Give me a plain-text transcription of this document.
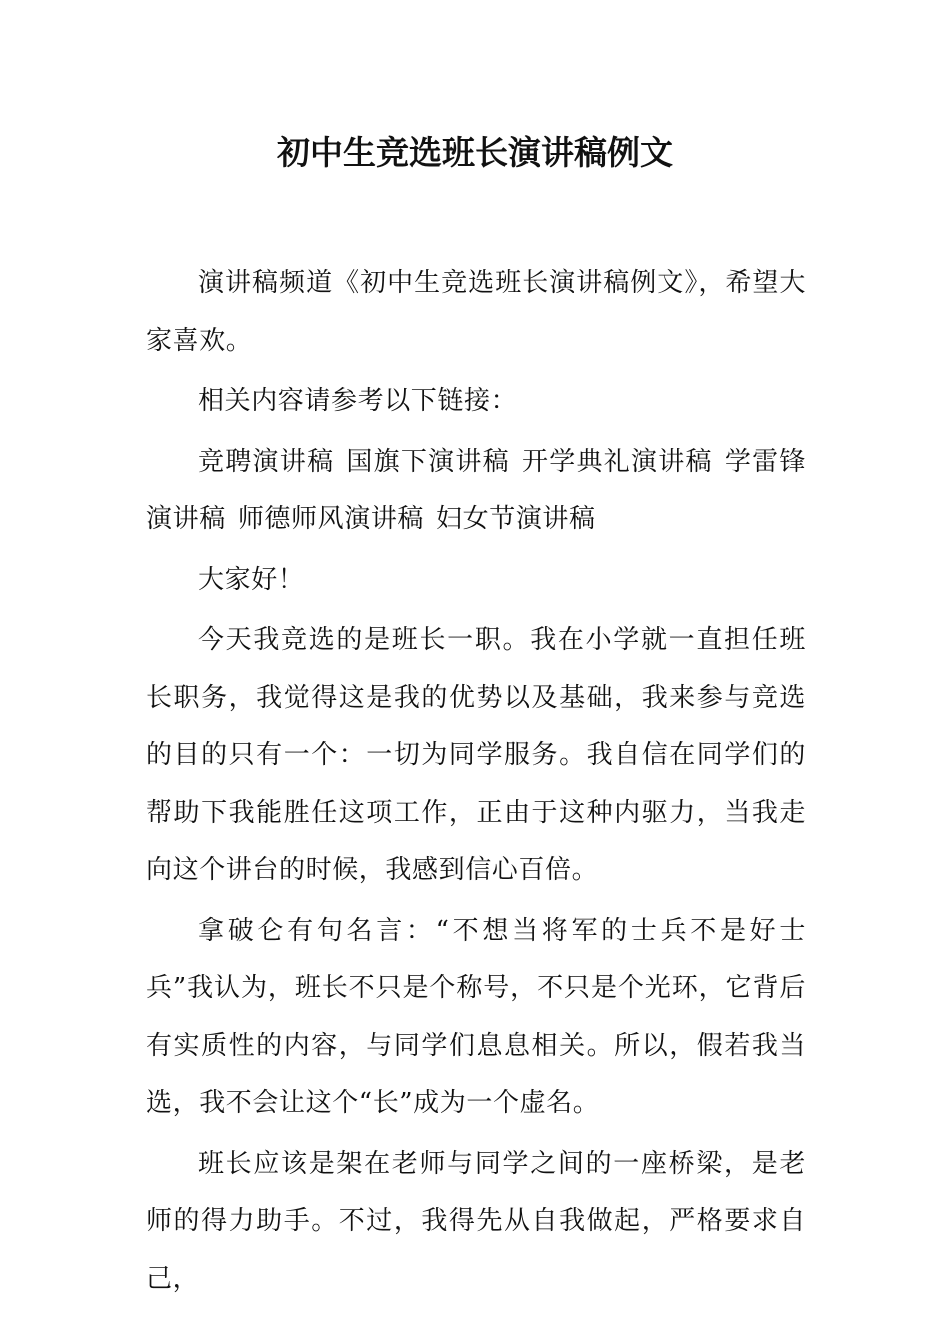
初中生竞选班长演讲稿例文

演讲稿频道《初中生竞选班长演讲稿例文》，希望大家喜欢。

相关内容请参考以下链接：

竞聘演讲稿 国旗下演讲稿 开学典礼演讲稿 学雷锋演讲稿 师德师风演讲稿 妇女节演讲稿

大家好！

今天我竞选的是班长一职。我在小学就一直担任班长职务，我觉得这是我的优势以及基础，我来参与竞选的目的只有一个：一切为同学服务。我自信在同学们的帮助下我能胜任这项工作，正由于这种内驱力，当我走向这个讲台的时候，我感到信心百倍。

拿破仑有句名言：“不想当将军的士兵不是好士兵”我认为，班长不只是个称号，不只是个光环，它背后有实质性的内容，与同学们息息相关。所以，假若我当选，我不会让这个“长”成为一个虚名。

班长应该是架在老师与同学之间的一座桥梁，是老师的得力助手。不过，我得先从自我做起，严格要求自己，
